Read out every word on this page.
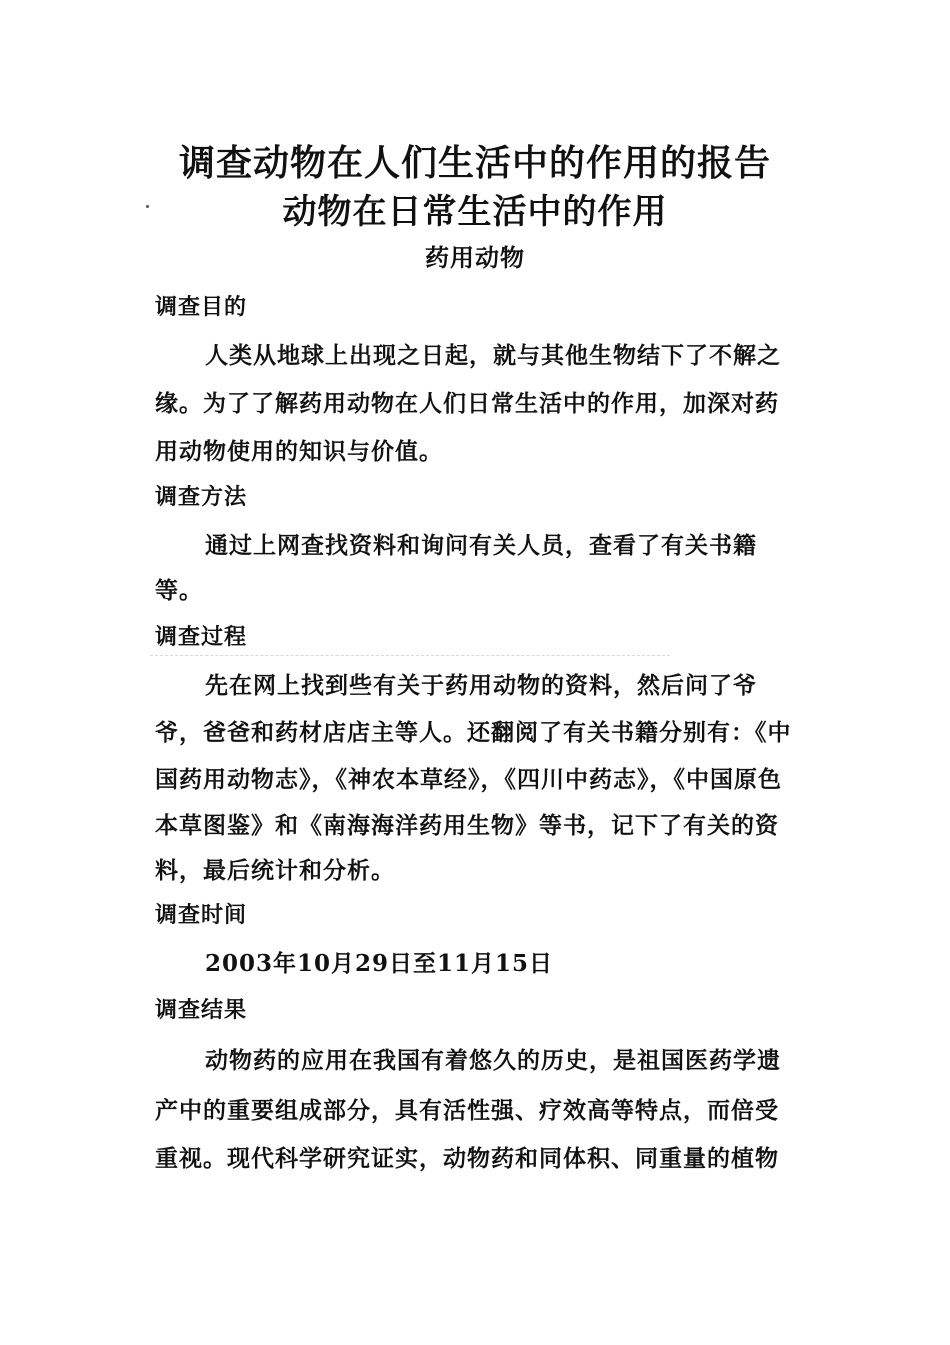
调查动物在人们生活中的作用的报告
动物在日常生活中的作用
药用动物
调查目的
人类从地球上出现之日起，就与其他生物结下了不解之
缘。为了了解药用动物在人们日常生活中的作用，加深对药
用动物使用的知识与价值。
调查方法
通过上网查找资料和询问有关人员，查看了有关书籍
等。
调查过程
先在网上找到些有关于药用动物的资料，然后问了爷
爷，爸爸和药材店店主等人。还翻阅了有关书籍分别有：《中
国药用动物志》，《神农本草经》，《四川中药志》，《中国原色
本草图鉴》和《南海海洋药用生物》等书，记下了有关的资
料，最后统计和分析。
调查时间
2003年10月29日至11月15日
调查结果
动物药的应用在我国有着悠久的历史，是祖国医药学遗
产中的重要组成部分，具有活性强、疗效高等特点，而倍受
重视。现代科学研究证实，动物药和同体积、同重量的植物
